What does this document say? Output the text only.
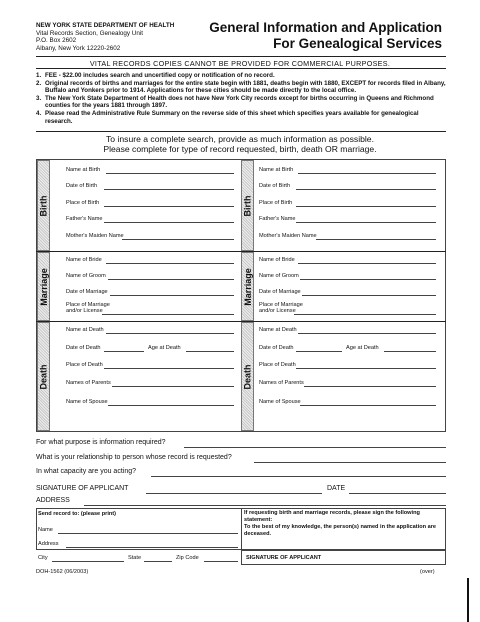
NEW YORK STATE DEPARTMENT OF HEALTH
Vital Records Section, Genealogy Unit
P.O. Box 2602
Albany, New York 12220-2602
General Information and Application
For Genealogical Services
VITAL RECORDS COPIES CANNOT BE PROVIDED FOR COMMERCIAL PURPOSES.
1. FEE - $22.00 includes search and uncertified copy or notification of no record.
2. Original records of births and marriages for the entire state begin with 1881, deaths begin with 1880, EXCEPT for records filed in Albany, Buffalo and Yonkers prior to 1914. Applications for these cities should be made directly to the local office.
3. The New York State Department of Health does not have New York City records except for births occurring in Queens and Richmond counties for the years 1881 through 1897.
4. Please read the Administrative Rule Summary on the reverse side of this sheet which specifies years available for genealogical research.
To insure a complete search, provide as much information as possible.
Please complete for type of record requested, birth, death OR marriage.
Birth
Marriage
Death
Birth
Marriage
Death
Name at Birth
Date of Birth
Place of Birth
Father's Name
Mother's Maiden Name
Name at Birth
Date of Birth
Place of Birth
Father's Name
Mother's Maiden Name
Name of Bride
Name of Groom
Date of Marriage
Place of Marriage
and/or License
Name of Bride
Name of Groom
Date of Marriage
Place of Marriage
and/or License
Name at Death
Date of Death	Age at Death
Place of Death
Names of Parents
Name of Spouse
Name at Death
Date of Death	Age at Death
Place of Death
Names of Parents
Name of Spouse
For what purpose is information required?
What is your relationship to person whose record is requested?
In what capacity are you acting?
SIGNATURE OF APPLICANT	DATE
ADDRESS
Send record to: (please print)
Name
Address
If requesting birth and marriage records, please sign the following statement:
To the best of my knowledge, the person(s) named in the application are deceased.
City	State	Zip Code	SIGNATURE OF APPLICANT
DOH-1562 (06/2003)	(over)
